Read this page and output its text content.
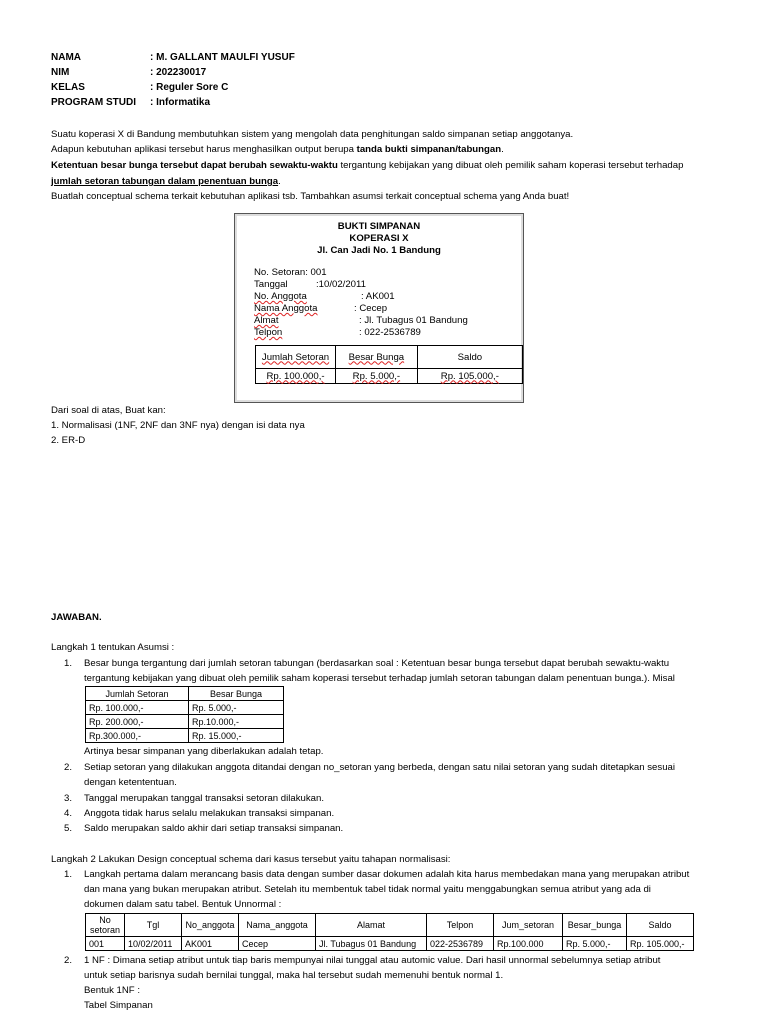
NAMA	: M. GALLANT MAULFI YUSUF
NIM	: 202230017
KELAS	: Reguler Sore C
PROGRAM STUDI : Informatika
Suatu koperasi X di Bandung membutuhkan sistem yang mengolah data penghitungan saldo simpanan setiap anggotanya.
Adapun kebutuhan aplikasi tersebut harus menghasilkan output berupa tanda bukti simpanan/tabungan.
Ketentuan besar bunga tersebut dapat berubah sewaktu-waktu tergantung kebijakan yang dibuat oleh pemilik saham koperasi tersebut terhadap
jumlah setoran tabungan dalam penentuan bunga.
Buatlah conceptual schema terkait kebutuhan aplikasi tsb. Tambahkan asumsi terkait conceptual schema yang Anda buat!
BUKTI SIMPANAN
KOPERASI X
Jl. Can Jadi No. 1 Bandung
No. Setoran: 001
Tanggal	:10/02/2011
No. Anggota	: AK001
Nama Anggota	: Cecep
Almat	: Jl. Tubagus 01 Bandung
Telpon	: 022-2536789
Jumlah Setoran	Besar Bunga	Saldo
Rp. 100.000,-	Rp. 5.000,-	Rp. 105.000,-
Dari soal di atas, Buat kan:
1. Normalisasi (1NF, 2NF dan 3NF nya) dengan isi data nya
2. ER-D
JAWABAN.
Langkah 1 tentukan Asumsi :
1. Besar bunga tergantung dari jumlah setoran tabungan (berdasarkan soal : Ketentuan besar bunga tersebut dapat berubah sewaktu-waktu
tergantung kebijakan yang dibuat oleh pemilik saham koperasi tersebut terhadap jumlah setoran tabungan dalam penentuan bunga.). Misal
Jumlah Setoran	Besar Bunga
Rp. 100.000,-	Rp. 5.000,-
Rp. 200.000,-	Rp.10.000,-
Rp.300.000,-	Rp. 15.000,-
Artinya besar simpanan yang diberlakukan adalah tetap.
2. Setiap setoran yang dilakukan anggota ditandai dengan no_setoran yang berbeda, dengan satu nilai setoran yang sudah ditetapkan sesuai
dengan ketententuan.
3. Tanggal merupakan tanggal transaksi setoran dilakukan.
4. Anggota tidak harus selalu melakukan transaksi simpanan.
5. Saldo merupakan saldo akhir dari setiap transaksi simpanan.
Langkah 2 Lakukan Design conceptual schema dari kasus tersebut yaitu tahapan normalisasi:
1. Langkah pertama dalam merancang basis data dengan sumber dasar dokumen adalah kita harus membedakan mana yang merupakan atribut
dan mana yang bukan merupakan atribut. Setelah itu membentuk tabel tidak normal yaitu menggabungkan semua atribut yang ada di
dokumen dalam satu tabel. Bentuk Unnormal :
No setoran	Tgl	No_anggota	Nama_anggota	Alamat	Telpon	Jum_setoran	Besar_bunga	Saldo
001	10/02/2011	AK001	Cecep	Jl. Tubagus 01 Bandung	022-2536789	Rp.100.000	Rp. 5.000,-	Rp. 105.000,-
2. 1 NF : Dimana setiap atribut untuk tiap baris mempunyai nilai tunggal atau automic value. Dari hasil unnormal sebelumnya setiap atribut
untuk setiap barisnya sudah bernilai tunggal, maka hal tersebut sudah memenuhi bentuk normal 1.
Bentuk 1NF :
Tabel Simpanan
